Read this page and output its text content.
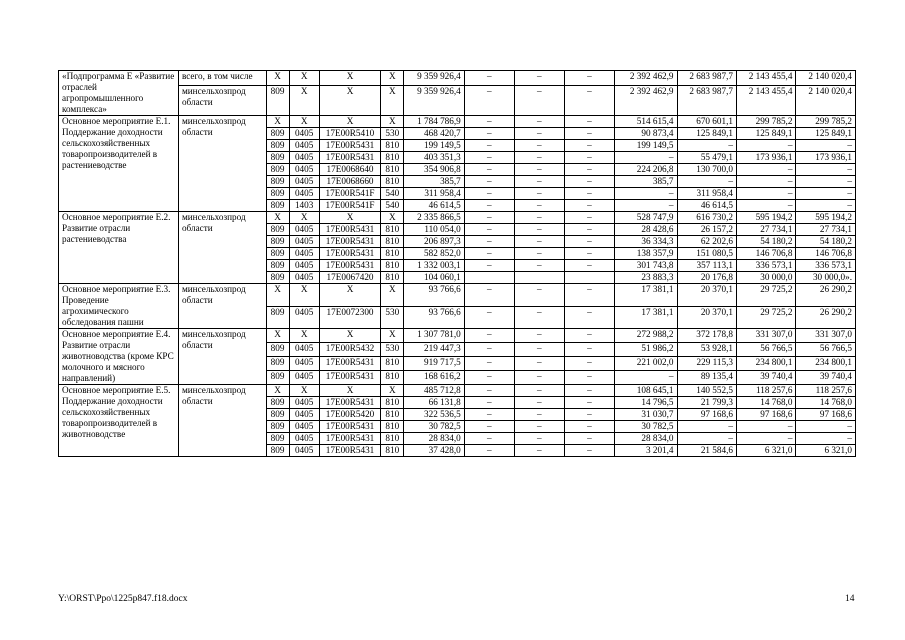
«Подпрограмма Е «Развитие отраслей агропромышленного комплекса»	всего, в том числе	X	X	X	X	9 359 926,4	–	–	–	2 392 462,9	2 683 987,7	2 143 455,4	2 140 020,4
	минсельхозпрод области	809	X	X	X	9 359 926,4	–	–	–	2 392 462,9	2 683 987,7	2 143 455,4	2 140 020,4
Основное мероприятие Е.1. Поддержание доходности сельскохозяйственных товаропроизводителей в растениеводстве	минсельхозпрод области	X	X	X	X	1 784 786,9	–	–	–	514 615,4	670 601,1	299 785,2	299 785,2
		809	0405	17E00R5410	530	468 420,7	–	–	–	90 873,4	125 849,1	125 849,1	125 849,1
		809	0405	17E00R5431	810	199 149,5	–	–	–	199 149,5	–	–	–
		809	0405	17E00R5431	810	403 351,3	–	–	–	–	55 479,1	173 936,1	173 936,1
		809	0405	17E0068640	810	354 906,8	–	–	–	224 206,8	130 700,0	–	–
		809	0405	17E0068660	810	385,7	–	–	–	385,7	–	–	–
		809	0405	17E00R541F	540	311 958,4	–	–	–	–	311 958,4	–	–
		809	1403	17E00R541F	540	46 614,5	–	–	–	–	46 614,5	–	–
Основное мероприятие Е.2. Развитие отрасли растениеводства	минсельхозпрод области	X	X	X	X	2 335 866,5	–	–	–	528 747,9	616 730,2	595 194,2	595 194,2
		809	0405	17E00R5431	810	110 054,0	–	–	–	28 428,6	26 157,2	27 734,1	27 734,1
		809	0405	17E00R5431	810	206 897,3	–	–	–	36 334,3	62 202,6	54 180,2	54 180,2
		809	0405	17E00R5431	810	582 852,0	–	–	–	138 357,9	151 080,5	146 706,8	146 706,8
		809	0405	17E00R5431	810	1 332 003,1	–	–	–	301 743,8	357 113,1	336 573,1	336 573,1
		809	0405	17E0067420	810	104 060,1				23 883,3	20 176,8	30 000,0	30 000,0».
Основное мероприятие Е.3. Проведение агрохимического обследования пашни	минсельхозпрод области	X	X	X	X	93 766,6	–	–	–	17 381,1	20 370,1	29 725,2	26 290,2
		809	0405	17E0072300	530	93 766,6	–	–	–	17 381,1	20 370,1	29 725,2	26 290,2
Основное мероприятие Е.4. Развитие отрасли животноводства (кроме КРС молочного и мясного направлений)	минсельхозпрод области	X	X	X	X	1 307 781,0	–	–	–	272 988,2	372 178,8	331 307,0	331 307,0
		809	0405	17E00R5432	530	219 447,3	–	–	–	51 986,2	53 928,1	56 766,5	56 766,5
		809	0405	17E00R5431	810	919 717,5	–	–	–	221 002,0	229 115,3	234 800,1	234 800,1
		809	0405	17E00R5431	810	168 616,2	–	–	–	–	89 135,4	39 740,4	39 740,4
Основное мероприятие Е.5. Поддержание доходности сельскохозяйственных товаропроизводителей в животноводстве	минсельхозпрод области	X	X	X	X	485 712,8	–	–	–	108 645,1	140 552,5	118 257,6	118 257,6
		809	0405	17E00R5431	810	66 131,8	–	–	–	14 796,5	21 799,3	14 768,0	14 768,0
		809	0405	17E00R5420	810	322 536,5	–	–	–	31 030,7	97 168,6	97 168,6	97 168,6
		809	0405	17E00R5431	810	30 782,5	–	–	–	30 782,5	–	–	–
		809	0405	17E00R5431	810	28 834,0	–	–	–	28 834,0	–	–	–
		809	0405	17E00R5431	810	37 428,0	–	–	–	3 201,4	21 584,6	6 321,0	6 321,0
Y:\ORST\Ppo\1225p847.f18.docx	14
